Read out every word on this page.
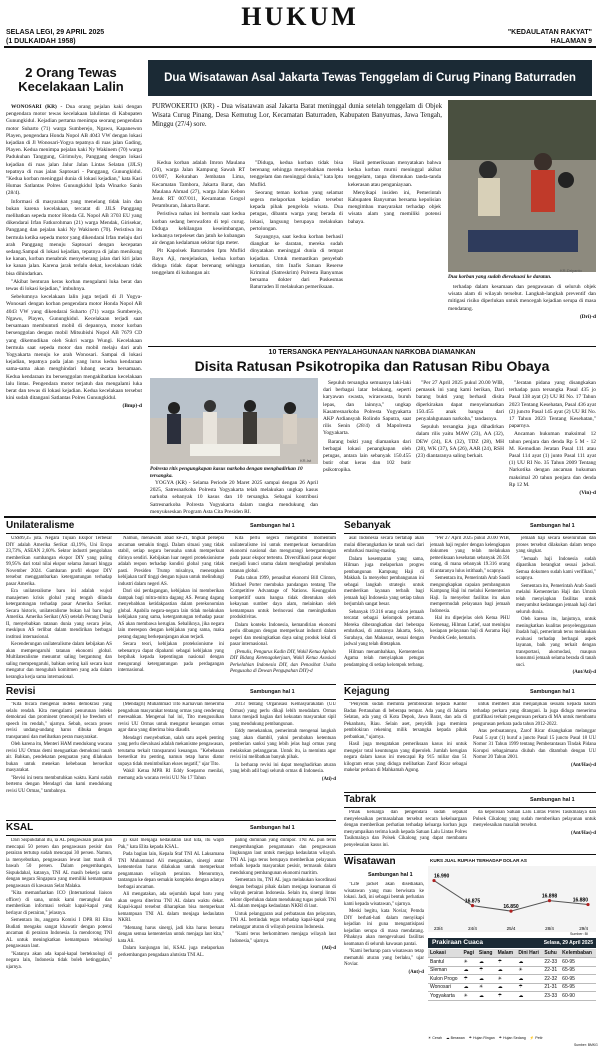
SELASA LEGI, 29 APRIL 2025
(1 DULKAIDAH 1958)
HUKUM
"KEDAULATAN RAKYAT"
HALAMAN 9
2 Orang Tewas Kecelakaan Lalin

WONOSARI (KR) - Dua orang pejalan kaki dengan pengendara motor tewas kecelakaan lalulintas di Kabupaten Gunungkidul. Kejadian pertama menimpa seorang pengendara motor Suharto (71) warga Sumberejo, Ngawu, Kapanewon Playen, pengendara Honda Nopol AB 4043 VW dengan lokasi kejadian di Jl Wonosari-Yogya tepatnya di ruas jalan Gading, Playen. Kedua menimpa pejalan kaki Ny Wakinem (70) warga Padukuhan Tanggung, Girimulyo, Panggang dengan lokasi kejadian di ruas jalan Jalur Jalan Lintas Selatan (JJLS) tepatnya di ruas jalan Saptosari - Panggang, Gunungkidul. "Kedua korban meninggal dunia di lokasi kejadian," kata Kasi Humas Satlantas Polres Gunungkidul Ipda Winarko Sanin (28/4).

Informasi di masyarakat yang menelang tidak lain dan bukan karena kecelakaan, tercatat di JJLS Panggang melibatkan sepeda motor Honda GL Nopol AB 3703 EU yang dikendarai Irfan Fatkurohman (21) warga Mendak, Girisekar, Panggang dan pejalan kaki Ny Wakinem (70). Peristiwa itu bermula ketika sepeda motor yang dikendarai Irfan melaju dari arah Panggang menuju Saptosari dengan kecepatan sedang.Sampai di lokasi kejadian, tepatnya di jalan menikung ke kanan, korban menabrak menyeberang jalan dari kiri jalan ke kanan jalan. Karena jarak terlalu dekat, kecelakaan tidak bisa dihindarkan.

"Akibat benturan keras korban mengalami luka berat dan tewas di lokasi kejadian," imbuhnya.

Sebelumnya kecelakaan lalin juga terjadi di Jl Yogya-Wonosari dengan korban pengendara motor Honda Nopol AB 4043 VW yang dikendarai Suharto (71) warga Sumberejo, Ngawu, Playen, Gunungkidul. Kecelakaan terjadi saat bersamaan membuntuti mobil di depannya, motor korban bersenggolan dengan mobil Mitsubishi Nopol AB 7679 CD yang dikemudikan oleh Sukri warga Wungi. Kecelakaan bermula saat sepeda motor dan mobil melaju dari arah Yogyakarta menuju ke arah Wonosari. Sampai di lokasi kejadian, tepatnya pada jalan yang lurus kedua kendaraan sama-sama akan menghindari lubang secara bersamaan. Kedua kendaraan itu bersenggolan mengakibatkan kecelakaan lalu lintas. Pengendara motor terjatuh dan mengalami luka berat dan tewas di lokasi kejadian. Kedua kecelakaan tersebut kini sudah ditangani Satlantas Polres Gunungkidul.

(Bmp)-d

Dua Wisatawan Asal Jakarta Tewas Tenggelam di Curug Pinang Baturraden
PURWOKERTO (KR) - Dua wisatawan asal Jakarta Barat meninggal dunia setelah tenggelam di Objek Wisata Curug Pinang, Desa Kemutug Lor, Kecamatan Baturraden, Kabupaten Banyumas, Jawa Tengah, Minggu (27/4) sore.

Kedua korban adalah Imron Maulana (26), warga Jalan Kampung Sawah RT 01/007, Kelurahan Jembatan Lima, Kecamatan Tambora, Jakarta Barat, dan Maulana Ahmad (27), warga Jalan Kebon Jeruk RT 007/011, Kecamatan Grogol Petamburan, Jakarta Barat.

Peristiwa nahas ini bermula saat kedua korban sedang berswafoto di tepi curug. Diduga kehilangan keseimbangan, keduanya terpeleset dan jatuh ke kubangan air dengan kedalaman sekitar tiga meter.

Plt Kapolsek Baturraden Iptu Muflid Bayu Aji, menjelaskan, kedua korban diduga tidak dapat berenang sehingga tenggelam di kubangan air.

"Diduga, kedua korban tidak bisa berenang sehingga menyebabkan mereka tenggelam dan meninggal dunia," kata Iptu Muflid.

Seorang teman korban yang selamat segera melaporkan kejadian tersebut kepada pihak pengelola wisata. Dua petugas, dibantu warga yang berada di lokasi, langsung berupaya melakukan pertolongan.

Sayangnya, saat kedua korban berhasil diangkat ke daratan, mereka sudah dinyatakan meninggal dunia di tempat kejadian. Untuk memastikan penyebab kematian, tim Inafis Satuan Reserse Kriminal (Satreskrim) Polresta Banyumas bersama dokter dari Puskesmas Baturraden II melakukan pemeriksaan.

Hasil pemeriksaan menyatakan bahwa kedua korban murni meninggal akibat tenggelam, tanpa ditemukan tanda-tanda kekerasan atau penganiayaan.

Menyikapi insiden ini, Pemerintah Kabupaten Banyumas bersama kepolisian mengimbau masyarakat terhadap objek wisata alam yang memiliki potensi bahaya.

Dua korban yang sudah dievakuasi ke daratan.
KR-Driyanto

terhadap dalam kesamaan dan pengawasan di seluruh objek wisata alam di wilayah tersebut. Langkah-langkah preventif dan mitigasi risiko diperlukan untuk mencegah kejadian serupa di masa mendatang.

(Dri)-d

10 TERSANGKA PENYALAHGUNAAN NARKOBA DIAMANKAN
Disita Ratusan Psikotropika dan Ratusan Ribu Obaya
Polresta ritis pengungkapan kasus narkoba dengan menghadirkan 10 tersangka.
KR-Ist

YOGYA (KR) - Selama Periode 20 Maret 2025 sampai dengan 26 April 2025, Satresnarkoba Polresta Yogyakarta telah melakukan ungkap kasus narkoba sebanyak 10 kasus dan 10 tersangka. Sebagai kontribusi Satresnarkoba Polresta Yogyakarta dalam rangka mendukung dan menyukseskan Program Asta Cita Presiden RI.

Sepuluh tersangka semuanya laki-laki dari berbagai latar belakang, seperti karyawan swasta, wiraswasta, buruh lepas, dan lainnya," ungkap Kasatresnarkoba Polresta Yogyakarta AKP Ardiansyah Rolindo Saputra, saat rilis Senin (28/4) di Mapolresta Yogyakarta.

Barang bukti yang diamankan dari berbagai lokasi penangkapan oleh petugas, antara lain sebanyak 150.455 butir obat keras dan 102 butir psikotropika.

"Per 27 April 2025 pukul 20.00 WIB, pemasok ini yang kami berikan, Dari barang bukti yang berhasil disita diperkirakan dapat menyelamatkan 150.455 anak bangsa dari penyalahgunaan narkoba," tandasnya.

Sepuluh tersangka juga dihadirkan dalam rilis yaitu MAW (23), AA (32), DEW (24), EA (32), TDZ (28), MH (28), WK (37), SA (26), AAR (24), RSH (23) diantaranya saling berkait.

"Jeratan pidana yang disangkakan terhadap para tersangka Pasal 435 jo Pasal 138 ayat (2) UU RI No. 17 Tahun 2023 Tentang Kesehatan, Pasal 436 ayat (2) juncto Pasal 145 ayat (2) UU RI No. 17 Tahun 2023 Tentang Kesehatan," paparnya.

Ancaman hukuman maksimal 12 tahun penjara dan denda Rp 5 M - 12 M. Kemudian Jeratan Pasal 111 atau Pasal 114 ayat (1) junto Pasal 111 ayat (1) UU RI No. 35 Tahun 2009 Tentang Narkotika dengan ancaman hukuman maksimal 20 tahun penjara dan denda Rp 12 M.

(Vin)-d

Unilateralisme	Sambungan hal 1

US$99,35 juta. Negara Tujuan Ekspor Terbesar DIY adalah Amerika Serikat 43,19%, Uni Eropa 23,73%, ASEAN 2,60%. Sektor industri pengolahan memberikan sumbangan ekspor DIY yang paling 99,95% dari total nilai ekspor selama Januari hingga November 2024. Gambaran profil ekspor DIY tersebut menggambarkan ketergantungan terhadap pasar Amerika.

Era unilateralisme baru ini adalah wujud manajemen krisis global yang tengah dilanda ketergantungan terhadap pasar Amerika Serikat. Secara historis, unilateralisme bukan hal baru bagi Amerika. Amerika Serikat (AS) setelah Perang Dunia II, menyebabkan tatanan dunia yang secara jelas, meskipun AS terlibat dalam mendirikan berbagai institusi internasional.

Kecenderungan unilateralisme dalam kebijakan AS akan mempengaruhi tatanan ekonomi global. Multilateralisme menuntut saling bergantung dan saling mempengaruhi, bahkan sering kali secara kuat mengatur dan mengubah komitmen yang ada dalam kerangka kerja sama internasional.

Namun, menawabi abad ke-21, tingkat persepsi ancaman semakin tinggi. Dalam situasi yang tidak stabil, setiap negara berusaha untuk memperkuat dirinya sendiri. Kebijakan luar negeri proteksionisme adalah respon terhadap kondisi global yang tidak pasti. Presiden Trump misalnya, menerapkan kebijakan tarif tinggi dengan tujuan untuk melindungi industri dalam negeri AS.

Dari sisi perdagangan, kebijakan ini memberikan dampak bagi mitra-mitra dagang AS. Perang dagang menyebabkan ketidakpastian dalam perekonomian global. Apabila negara-negara lain tidak melakukan kebijakan yang sama, ketergantungan terhadap pasar AS akan membawa kerugian. Sebaliknya, jika negara lain merespon dengan kebijakan yang sama, maka perang dagang berkepanjangan akan terjadi.

Secara teori, kebijakan proteksionisme ini sebenarnya dapat dipahami sebagai kebijakan yang berpihak kepada kepentingan nasional dengan mengurangi ketergantungan pada perdagangan internasional.

Kita perlu segera mengambil momentum unilateralisme ini untuk memperkuat kemandirian ekonomi nasional dan mengurangi ketergantungan pada pasar ekspor tertentu. Diversifikasi pasar ekspor menjadi kunci utama dalam menghadapi perubahan tatanan global.

Pada tahun 1999, penasihat ekonomi Bill Clinton, Michael Porter membuka pandangan tentang The Competitive Advantage of Nations. Keunggulan kompetitif suatu bangsa tidak ditentukan oleh kekayaan sumber daya alam, melainkan oleh kemampuan untuk berinovasi dan meningkatkan produktivitas.

Dalam konteks Indonesia, kemandirian ekonomi perlu dibangun dengan memperkuat industri dalam negeri dan meningkatkan daya saing produk lokal di pasar internasional.

(Penulis, Pengurus Kadin DIY, Wakil Ketua Apindo DIY Bidang Ketenagakerjaan, Wakil Ketua Asosiasi Perkelahian Indonesia DIY, dan Penasihat Usaha Pengusaha di Dewan Pengupahan DIY)-d

Revisi	Sambungan hal 1

"Kita bicara mengenai indeks demokrasi yang selalu rendah. Kita mengalami penurunan indeks demokrasi dan prominent (menonjol) ke freedom of speech itu rendah," ujarnya. Sebab, secara proses revisi undang-undang harus dibuka dengan transparansi dan melibatkan peran masyarakat.

Oleh karena itu, Menteri HAM mendukung wacana revisi UU Ormas demi menguatkan demokrasi tanah air. Bahkan, pendekatan penguatan yang dilakukan bukan untuk menekan kebebasan berserikat masyarakat.

"Revisi ini tentu membutuhkan waktu. Kami sudah bertemu dengan Mendagri dan kami mendukung revisi UU Ormas," tambahnya.

(Mendagri) Muhammad Tito Karnavian menerima pengaduan masyarakat tentang ormas yang cenderung meresahkan. Mengenai hal ini, Tito mengusulkan revisi UU Ormas untuk mengatur keuangan ormas agar dana yang diterima bisa diaudit.

Mendagri menyebutkan, salah satu aspek penting yang perlu dievaluasi adalah mekanisme pengawasan, terutama terkait transparansi keuangan. "Kebebasan berserikat itu penting, namun tetap harus diatur supaya tidak menimbulkan ekses negatif," ujar Tito.

Wakil Ketua MPR RI Eddy Soeparno menilai, memang ada wacana revisi UU No 17 Tahun

2013 tentang Organisasi Kemasyarakatan (UU Ormas) yang perlu dikaji lebih mendalam. Ormas harus menjadi bagian dari kekuatan masyarakat sipil yang mendukung pembangunan.

Eddy menekankan, pemerintah mengenai langkah yang akan diambil, yakni perubahan ketentuan pemberian sanksi yang lebih jelas bagi ormas yang melakukan pelanggaran. Untuk itu, ia meminta agar revisi ini melibatkan banyak pihak.

Ia berharap revisi ini dapat menghadirkan aturan yang lebih adil bagi seluruh ormas di Indonesia.

(Ati)-d

KSAL	Sambungan hal 1

Dari Sispukdahal itu, ia AL pengawasan janak pun mencapai 50 persen dan pengawasan pesisir dan perairan tertutup sudah mencapai 30 persen. Namun, ia menyebutkan, pengawasan lewat laut masih di bawah 50 persen. Dalam pengembangan, Sispukdahal, katanya, TNI AL masih bekerja sama dengan negara Singapura yang memiliki kemampuan pengawasan di kawasan Selat Malaka.

"Kita memanfaatkan ICO (International liaison officer) di sana, untuk kami merangkul dan memberikan informasi terkait kapal-kapal yang berlayar di perairan," jelasnya.

Sementara itu, anggota Komisi I DPR RI Elita Budiati mengaku sangat khawatir dengan potensi ancaman di perairan Indonesia. Ia mendorong TNI AL untuk meningkatkan kemampuan teknologi pengawasan laut.

"Katanya akan ada kapal-kapal berteknologi di negara lain, Indonesia tidak boleh ketinggalan," ujarnya.

gi kuat menjaga kedaulatan laut kita, itu wajib Pak," kata Elita kepada KSAL.

Pada bagian lain, Kepala Staf TNI AL Laksamana TNI Muhammad Ali mengatakan, sinergi antar kementerian harus dilakukan untuk memperkuat pengamanan wilayah perairan. Menurutnya, tantangan ke depan semakin kompleks dengan adanya berbagai ancaman.

Ali mengatakan, ada sejumlah kapal baru yang akan segera diterima TNI AL dalam waktu dekat. Kapal-kapal tersebut diharapkan bisa memperkuat kemampuan TNI AL dalam menjaga kedaulatan NKRI.

"Memang harus sinergi, jadi kita harus bersatu dengan semua kementerian untuk menjaga laut kita," kata Ali.

Dalam kunjungan ini, KSAL juga melaporkan perkembangan pengadaan alutsista TNI AL.

paling dominan yang diimpor. TNI AL pun terus mengembangkan pengamanan dan pengawasan lingkungan laut untuk menjaga kedaulatan wilayah. TNI AL juga terus berupaya memberikan pelayanan terbaik kepada masyarakat pesisir, termasuk dalam mendukung pembangunan ekonomi maritim.

Sementara itu, TNI AL juga melakukan koordinasi dengan berbagai pihak dalam menjaga keamanan di wilayah perairan Indonesia. Selain itu, sinergi lintas sektor diperlukan dalam mendukung tugas pokok TNI AL dalam menjaga kedaulatan NKRI di laut.

Untuk pelanggaran asal perbatasan dan pelayaran, TNI AL bertindak tegas terhadap kapal-kapal yang melanggar aturan di wilayah perairan Indonesia.

"Kami terus berkomitmen menjaga wilayah laut Indonesia," ujarnya.

(Ati)-d

Sebanyak	Sambungan hal 1

asal Indonesia secara bertahap akan mulai diberangkatkan ke tanah suci dari embarkasi masing-masing.

Dalam kesempatan yang sama, Hilman juga melaporkan progres pembangunan Kampung Haji di Makkah. Ia menyebut pembangunan ini sebagai langkah strategis untuk memberikan layanan terbaik bagi jemaah haji Indonesia yang setiap tahun berjumlah sangat besar.

Sebanyak 19.316 orang calon jemaah tercatat sebagai kelompok pertama. Mereka diberangkatkan dari beberapa embarkasi, di antaranya Jakarta, Solo, Surabaya, dan Makassar, sesuai dengan jadwal yang telah ditetapkan.

Hilman menambahkan, Kementerian Agama telah menyiapkan petugas pendamping di setiap kelompok terbang.

"Per 27 April 2025 pukul 20.00 WIB, jemaah haji reguler dengan kelengkapan dokumen yang telah melakukan pemeriksaan kesehatan sebanyak 20.591 orang, di mana sebanyak 19.316 orang di antaranya lulus istithaah," ucapnya.

Sementara itu, Pemerintah Arab Saudi mengungkapkan capaian pembangunan Kampung Haji ini melalui Kementerian Haji. Ia menyebut fasilitas itu akan mempermudah pelayanan bagi jemaah Indonesia.

Hal itu diperjelas oleh Ketua PHU Kemenag, Hilman Latief, saat meninjau kesiapan pelayanan haji di Asrama Haji Pondok Gede, kemarin.

jemaah haji secara keseluruhan dan proses tersebut dilakukan dalam tempo yang singkat.

"Jemaah haji Indonesia sudah dipastikan berangkat sesuai jadwal. Semua dokumen sudah kami verifikasi," ucapnya.

Sementara itu, Pemerintah Arab Saudi melalui Kementerian Haji dan Umrah telah menyiapkan fasilitas untuk menyambut kedatangan jemaah haji dari seluruh dunia.

Oleh karena itu, lanjutnya, untuk meningkatkan kualitas penyelenggaraan ibadah haji, pemerintah terus melakukan evaluasi terhadap berbagai aspek layanan, baik yang terkait dengan transportasi, akomodasi, maupun konsumsi jemaah selama berada di tanah suci.

(Ant/Ati)-d

Kejagung	Sambungan hal 1

"Penyidik sudah meminta pemblokiran kepada Kantor Badan Pertanahan di beberapa tempat. Ada yang di Jakarta Selatan, ada yang di Kota Depok, Jawa Barat, dan ada di Pekanbaru, Riau. Selain aset, penyidik juga meminta pemblokiran rekening milik tersangka kepada pihak perbankan," ujarnya.

Hasil juga mengatakan pemeriksaan kasus ini untuk mengejar total keuntungan yang diperoleh. Jumlah kerugian negara dalam kasus ini mencapai Rp 915 miliar dan 51 kilogram emas yang diduga melibatkan Zarof Ricar sebagai makelar perkara di Mahkamah Agung.

untuk memberi atau menjanjikan sesuatu kepada hakim terhadap perkara yang ditangani. Ia juga diduga menerima gratifikasi terkait pengurusan perkara di MA untuk membantu pengurusan perkara pada tahun 2012-2022.

Atas perbuatannya, Zarof Ricar disangkakan melanggar Pasal 5 ayat (1) huruf a juncto Pasal 15 juncto Pasal 18 UU Nomor 31 Tahun 1999 tentang Pemberantasan Tindak Pidana Korupsi sebagaimana diubah dan ditambah dengan UU Nomor 20 Tahun 2001.

(Ant/Has)-d

Tabrak	Sambungan hal 1

Pihak keluarga dan pengendara sudah sepakat menyelesaikan permasalahan tersebut secara kekeluargaan dengan memberikan perhatian terhadap keluarga korban juga menyampaikan terima kasih kepada Satuan Lalu Lintas Polres Tasikmalaya dan Polsek Cikalong yang dapat membantu penyelesaian kasus ini.

da kepolisian Satuan Lalu Lintas Polres Tasikmalaya dan Polsek Cikalong yang sudah memberikan pelayanan untuk menyelesaikan masalah tersebut.

(Ant/Has)-d

Wisatawan
Sambungan hal 1

"Life jacket akan disediakan, wisatawan yang mau berwisata ke lokasi. Jadi, ini sebagai bentuk perhatian kami kepada wisatawan," ujarnya.

Meski begitu, kata Noviar, Pemda DIY berhati-hati dalam menyikapi kejadian ini guna mengantisipasi kejadian serupa di masa mendatang. Pihaknya akan mengevaluasi fasilitas keamanan di seluruh kawasan pantai.

"Kami berharap para wisatawan tetap mematuhi aturan yang berlaku," ujar Noviar.

(Ant)-d

KURS JUAL RUPIAH TERHADAP DOLAR AS
16.990
23/4
16.875
24/4
16.850
25/4
16.898
28/4
16.880
29/4
Sumber: BI
Prakiraan Cuaca	Selasa, 29 April 2025
Lokasi	Pagi	Siang	Malam	Dini Hari	Suhu	Kelembaban
Bantul	☀	☁	☂	☁	22-33	60-95
Sleman	☁	☂	☁	☀	22-31	65-95
Kulon Progo	☂	☁	☀	☁	22-32	60-95
Wonosari	☁	☀	☁	☂	21-31	65-95
Yogyakarta	☀	☁	☂	☁	23-33	60-90
☀ Cerah ☁ Berawan ☂ Hujan Ringan ☂ Hujan Sedang ⚡ Petir
Sumber: BMKG
